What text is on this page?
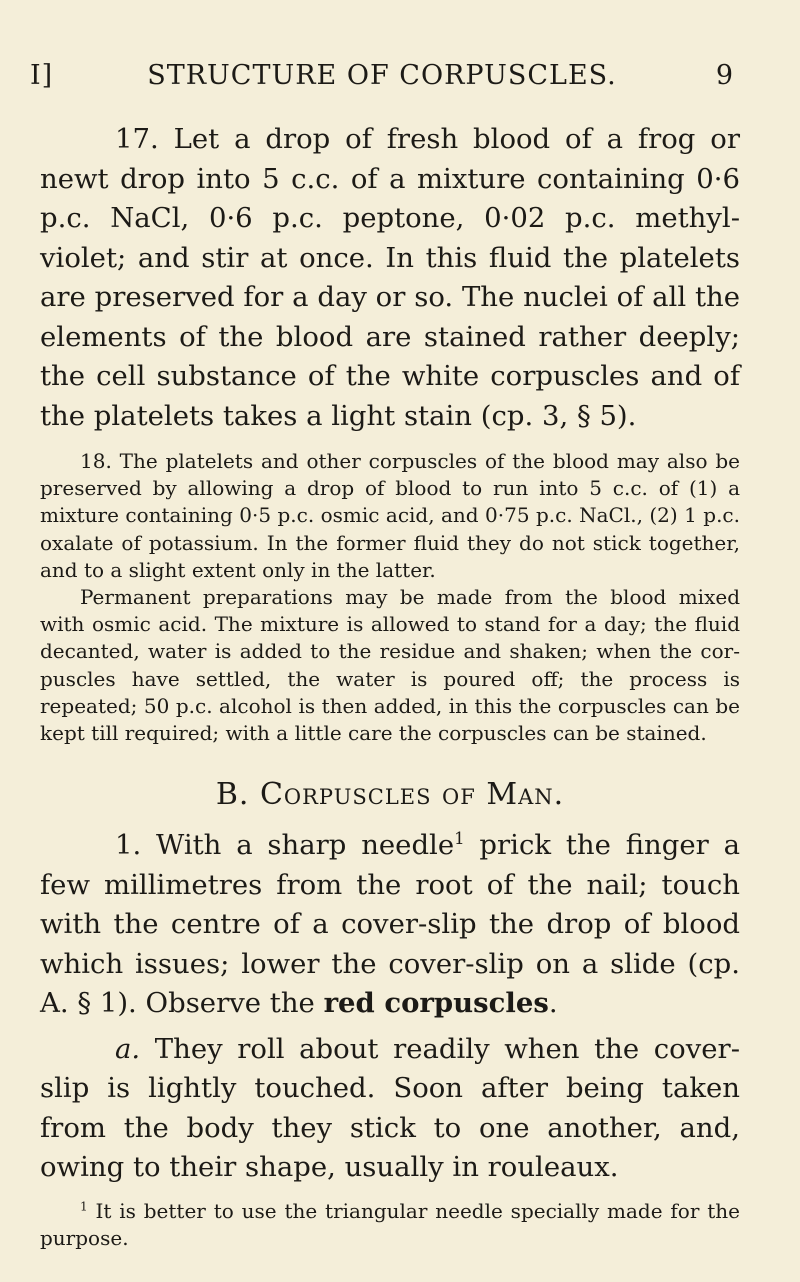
I]	STRUCTURE OF CORPUSCLES.	9

17. Let a drop of fresh blood of a frog or newt drop into 5 c.c. of a mixture containing 0·6 p.c. NaCl, 0·6 p.c. peptone, 0·02 p.c. methyl-violet; and stir at once. In this fluid the platelets are preserved for a day or so. The nuclei of all the elements of the blood are stained rather deeply; the cell substance of the white corpuscles and of the platelets takes a light stain (cp. 3, § 5).

18. The platelets and other corpuscles of the blood may also be preserved by allowing a drop of blood to run into 5 c.c. of (1) a mixture containing 0·5 p.c. osmic acid, and 0·75 p.c. NaCl., (2) 1 p.c. oxalate of potassium. In the former fluid they do not stick together, and to a slight extent only in the latter.

Permanent preparations may be made from the blood mixed with osmic acid. The mixture is allowed to stand for a day; the fluid decanted, water is added to the residue and shaken; when the corpuscles have settled, the water is poured off; the process is repeated; 50 p.c. alcohol is then added, in this the corpuscles can be kept till required; with a little care the corpuscles can be stained.

B. Corpuscles of Man.

1. With a sharp needle$^1$ prick the finger a few millimetres from the root of the nail; touch with the centre of a cover-slip the drop of blood which issues; lower the cover-slip on a slide (cp. A. § 1). Observe the red corpuscles.

a. They roll about readily when the cover-slip is lightly touched. Soon after being taken from the body they stick to one another, and, owing to their shape, usually in rouleaux.

$^1$ It is better to use the triangular needle specially made for the purpose.
